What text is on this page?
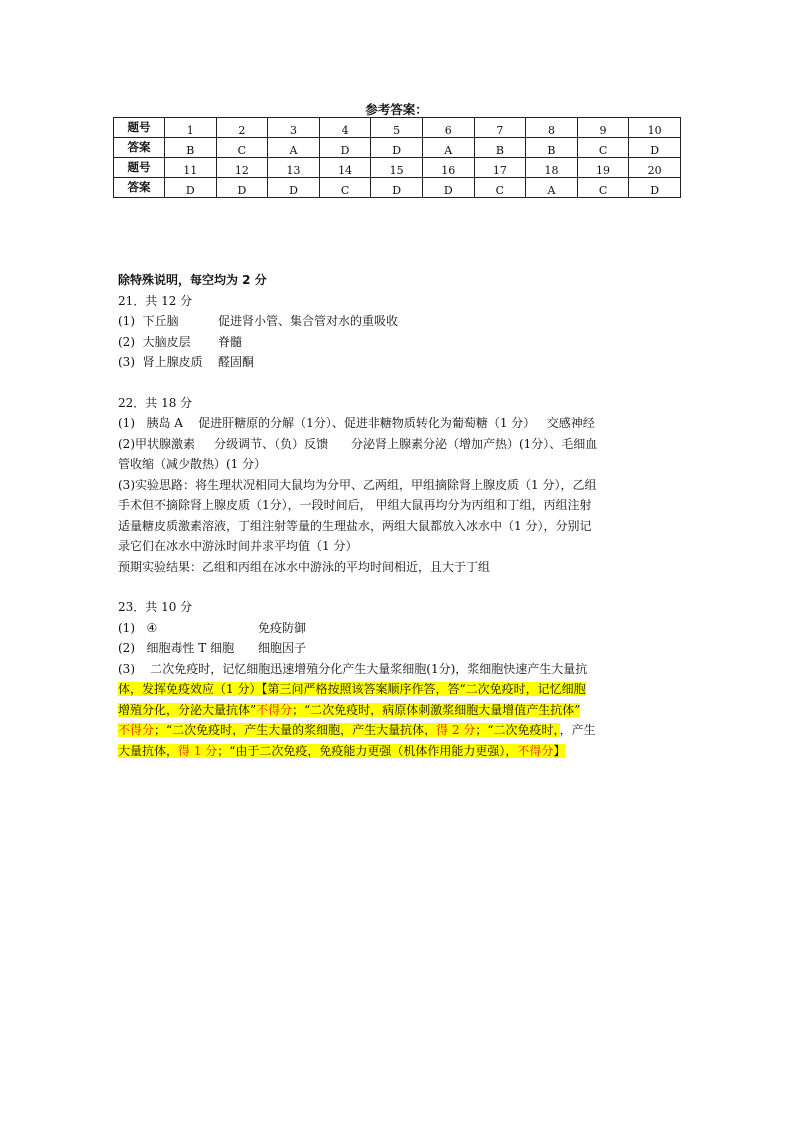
参考答案：
题号	1	2	3	4	5	6	7	8	9	10
答案	B	C	A	D	D	A	B	B	C	D
题号	11	12	13	14	15	16	17	18	19	20
答案	D	D	D	C	D	D	C	A	C	D

除特殊说明，每空均为 2 分

21．共 12 分

(1)  下丘脑	促进肾小管、集合管对水的重吸收

(2)  大脑皮层 脊髓

(3)  肾上腺皮质 醛固酮

22．共 18 分

(1)   胰岛 A    促进肝糖原的分解（1分）、促进非糖物质转化为葡萄糖（1 分）   交感神经

(2)甲状腺激素     分级调节、（负）反馈      分泌肾上腺素分泌（增加产热）(1分）、毛细血

管收缩（减少散热）(1 分）

(3)实验思路：将生理状况相同大鼠均为分甲、乙两组，甲组摘除肾上腺皮质（1 分），乙组

手术但不摘除肾上腺皮质（1分），一段时间后， 甲组大鼠再均分为丙组和丁组，丙组注射

适量糖皮质激素溶液，丁组注射等量的生理盐水，两组大鼠都放入冰水中（1 分），分别记

录它们在冰水中游泳时间并求平均值（1 分）

预期实验结果：乙组和丙组在冰水中游泳的平均时间相近，且大于丁组

23．共 10 分

(1)   ④	免疫防御

(2)   细胞毒性 T 细胞 细胞因子

(3)    二次免疫时，记忆细胞迅速增殖分化产生大量浆细胞(1分)，浆细胞快速产生大量抗

体，发挥免疫效应（1 分）【第三问严格按照该答案顺序作答，答“二次免疫时，记忆细胞

增殖分化，分泌大量抗体”不得分；“二次免疫时，病原体刺激浆细胞大量增值产生抗体”

不得分；“二次免疫时，产生大量的浆细胞，产生大量抗体，得 2 分；“二次免疫时，，产生

大量抗体，得 1 分；“由于二次免疫，免疫能力更强（机体作用能力更强），不得分】
